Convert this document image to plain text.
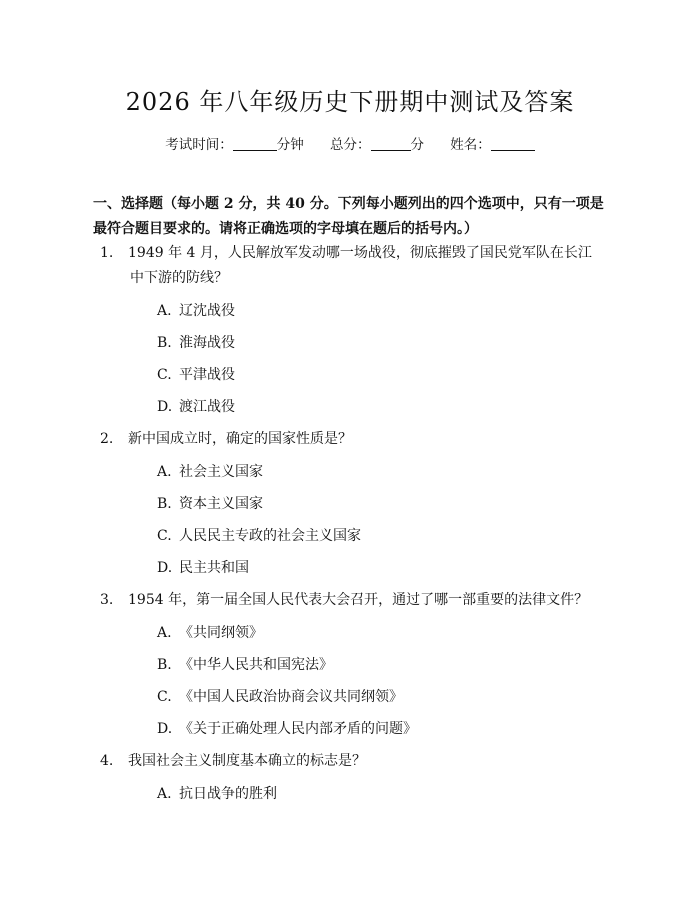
2026 年八年级历史下册期中测试及答案
考试时间：	分钟 总分：	分 姓名：
一、选择题（每小题 2 分，共 40 分。下列每小题列出的四个选项中，只有一项是最符合题目要求的。请将正确选项的字母填在题后的括号内。）
1. 1949 年 4 月，人民解放军发动哪一场战役，彻底摧毁了国民党军队在长江中下游的防线？
A. 辽沈战役
B. 淮海战役
C. 平津战役
D. 渡江战役
2. 新中国成立时，确定的国家性质是？
A. 社会主义国家
B. 资本主义国家
C. 人民民主专政的社会主义国家
D. 民主共和国
3. 1954 年，第一届全国人民代表大会召开，通过了哪一部重要的法律文件？
A. 《共同纲领》
B. 《中华人民共和国宪法》
C. 《中国人民政治协商会议共同纲领》
D. 《关于正确处理人民内部矛盾的问题》
4. 我国社会主义制度基本确立的标志是？
A. 抗日战争的胜利
